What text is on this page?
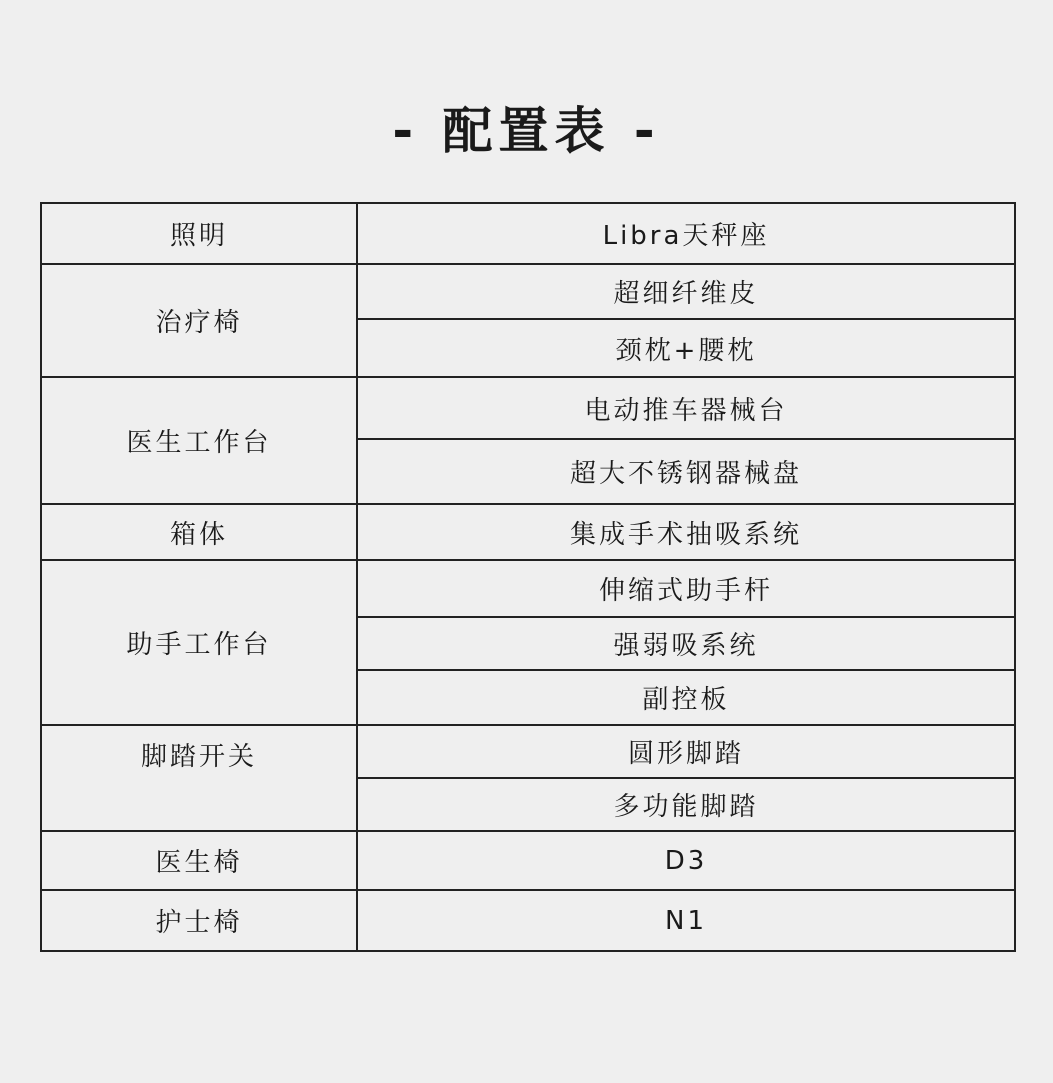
- 配置表 -
照明	Libra天秤座
治疗椅	超细纤维皮
	颈枕+腰枕
医生工作台	电动推车器械台
	超大不锈钢器械盘
箱体	集成手术抽吸系统
助手工作台	伸缩式助手杆
	强弱吸系统
	副控板
脚踏开关	圆形脚踏
	多功能脚踏
医生椅	D3
护士椅	N1
